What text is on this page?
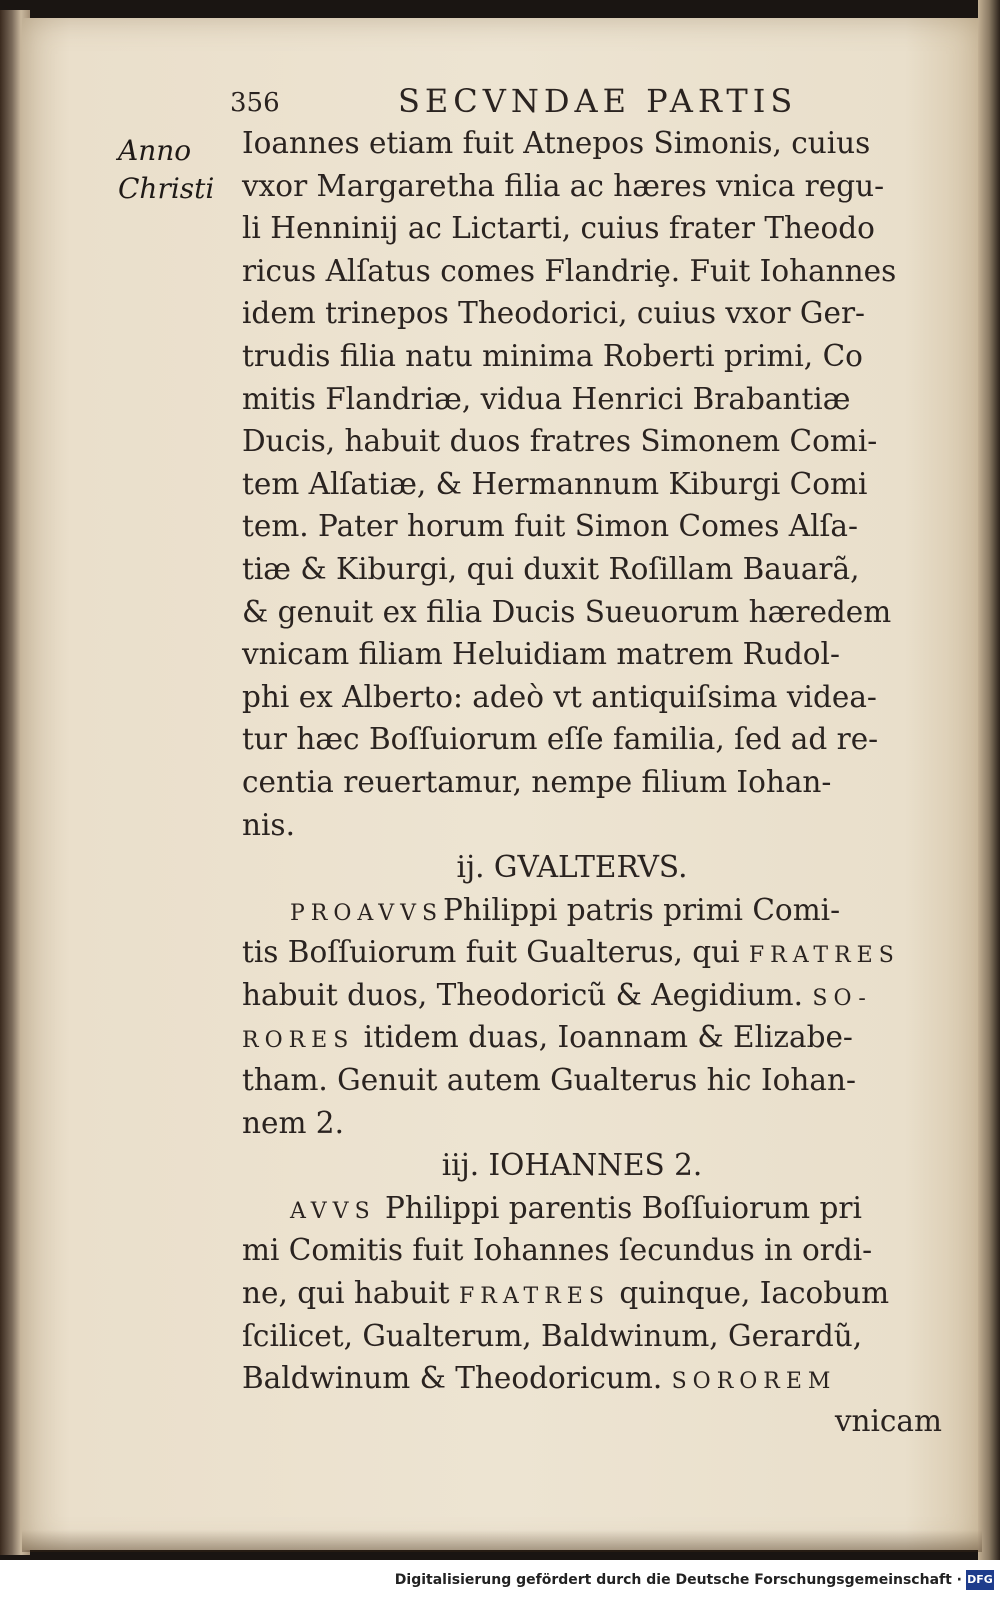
356	SECVNDAE PARTIS
Anno
Christi
Ioannes etiam fuit Atnepos Simonis, cuius
vxor Margaretha filia ac hæres vnica regu-
li Henninij ac Lictarti, cuius frater Theodo
ricus Alſatus comes Flandriȩ. Fuit Iohannes
idem trinepos Theodorici, cuius vxor Ger-
trudis filia natu minima Roberti primi, Co
mitis Flandriæ, vidua Henrici Brabantiæ
Ducis, habuit duos fratres Simonem Comi-
tem Alſatiæ, & Hermannum Kiburgi Comi
tem. Pater horum fuit Simon Comes Alſa-
tiæ & Kiburgi, qui duxit Roſillam Bauarã,
& genuit ex filia Ducis Sueuorum hæredem
vnicam filiam Heluidiam matrem Rudol-
phi ex Alberto: adeò vt antiquiſsima videa-
tur hæc Boſſuiorum eſſe familia, ſed ad re-
centia reuertamur, nempe filium Iohan-
nis.
ij. GVALTERVS.
PROAVVSPhilippi patris primi Comi-
tis Boſſuiorum fuit Gualterus, qui FRATRES
habuit duos, Theodoricũ & Aegidium. SO-
RORES itidem duas, Ioannam & Elizabe-
tham. Genuit autem Gualterus hic Iohan-
nem 2.
iij. IOHANNES 2.
AVVS Philippi parentis Boſſuiorum pri
mi Comitis fuit Iohannes ſecundus in ordi-
ne, qui habuit FRATRES quinque, Iacobum
ſcilicet, Gualterum, Baldwinum, Gerardũ,
Baldwinum & Theodoricum. SOROREM
vnicam
Digitalisierung gefördert durch die Deutsche Forschungsgemeinschaft · DFG
